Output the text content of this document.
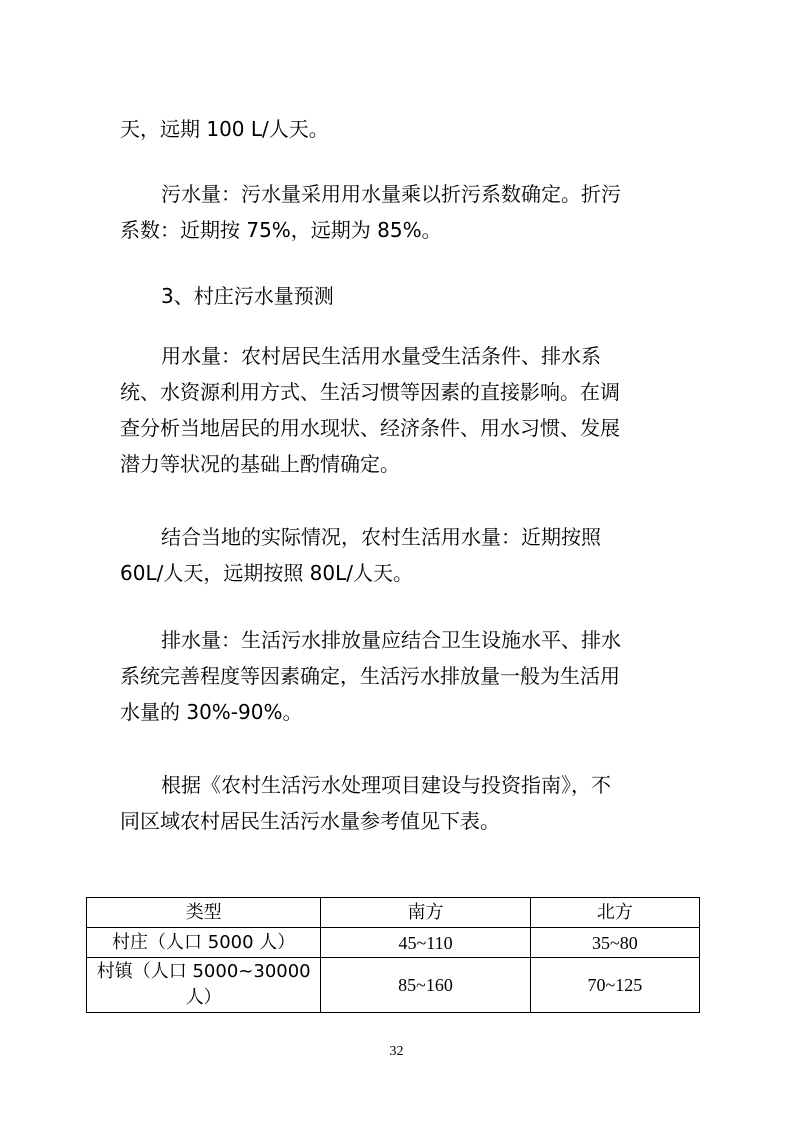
天，远期 100 L/人天。
污水量：污水量采用用水量乘以折污系数确定。折污
系数：近期按 75%，远期为 85%。
3、村庄污水量预测
用水量：农村居民生活用水量受生活条件、排水系
统、水资源利用方式、生活习惯等因素的直接影响。在调
查分析当地居民的用水现状、经济条件、用水习惯、发展
潜力等状况的基础上酌情确定。
结合当地的实际情况，农村生活用水量：近期按照
60L/人天，远期按照 80L/人天。
排水量：生活污水排放量应结合卫生设施水平、排水
系统完善程度等因素确定，生活污水排放量一般为生活用
水量的 30%-90%。
根据《农村生活污水处理项目建设与投资指南》，不
同区域农村居民生活污水量参考值见下表。
类型	南方	北方
村庄（人口 5000 人）	45~110	35~80

村镇（人口 5000~30000
人）	85~160	70~125
32
